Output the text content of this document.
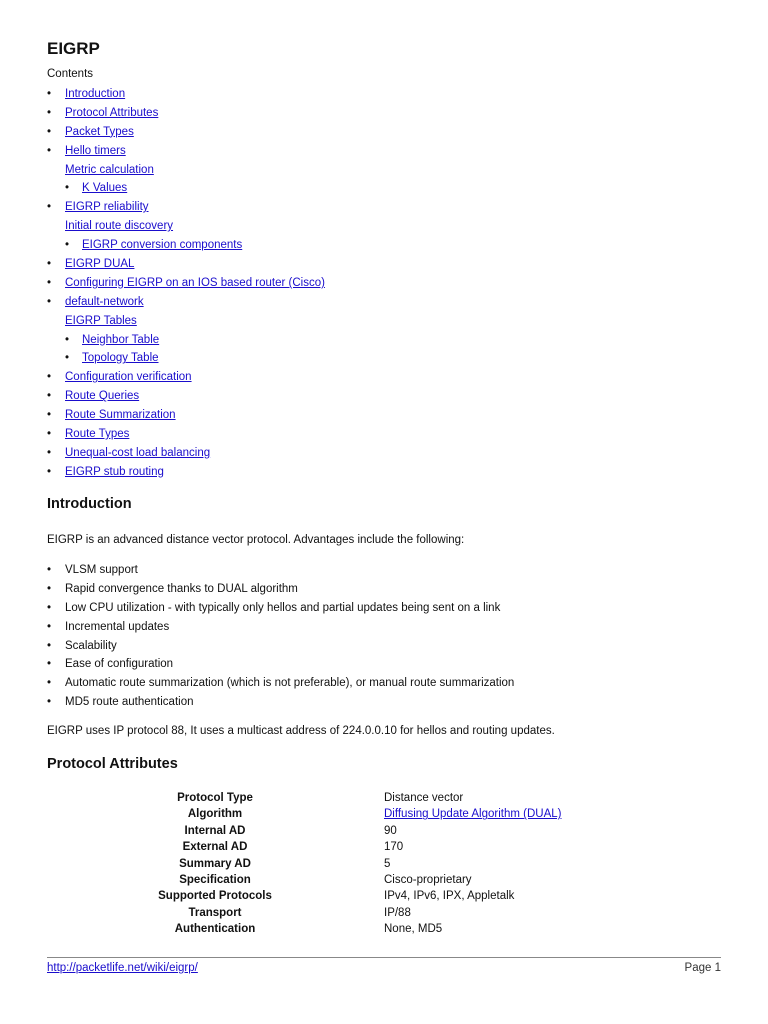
EIGRP
Contents
• Introduction
• Protocol Attributes
• Packet Types
• Hello timers
Metric calculation
• K Values
• EIGRP reliability
Initial route discovery
• EIGRP conversion components
• EIGRP DUAL
• Configuring EIGRP on an IOS based router (Cisco)
• default-network
EIGRP Tables
• Neighbor Table
• Topology Table
• Configuration verification
• Route Queries
• Route Summarization
• Route Types
• Unequal-cost load balancing
• EIGRP stub routing
Introduction
EIGRP is an advanced distance vector protocol. Advantages include the following:
• VLSM support
• Rapid convergence thanks to DUAL algorithm
• Low CPU utilization - with typically only hellos and partial updates being sent on a link
• Incremental updates
• Scalability
• Ease of configuration
• Automatic route summarization (which is not preferable), or manual route summarization
• MD5 route authentication
EIGRP uses IP protocol 88, It uses a multicast address of 224.0.0.10 for hellos and routing updates.
Protocol Attributes
Protocol Type	Distance vector
Algorithm	Diffusing Update Algorithm (DUAL)
Internal AD	90
External AD	170
Summary AD	5
Specification	Cisco-proprietary
Supported Protocols	IPv4, IPv6, IPX, Appletalk
Transport	IP/88
Authentication	None, MD5
http://packetlife.net/wiki/eigrp/	Page 1
